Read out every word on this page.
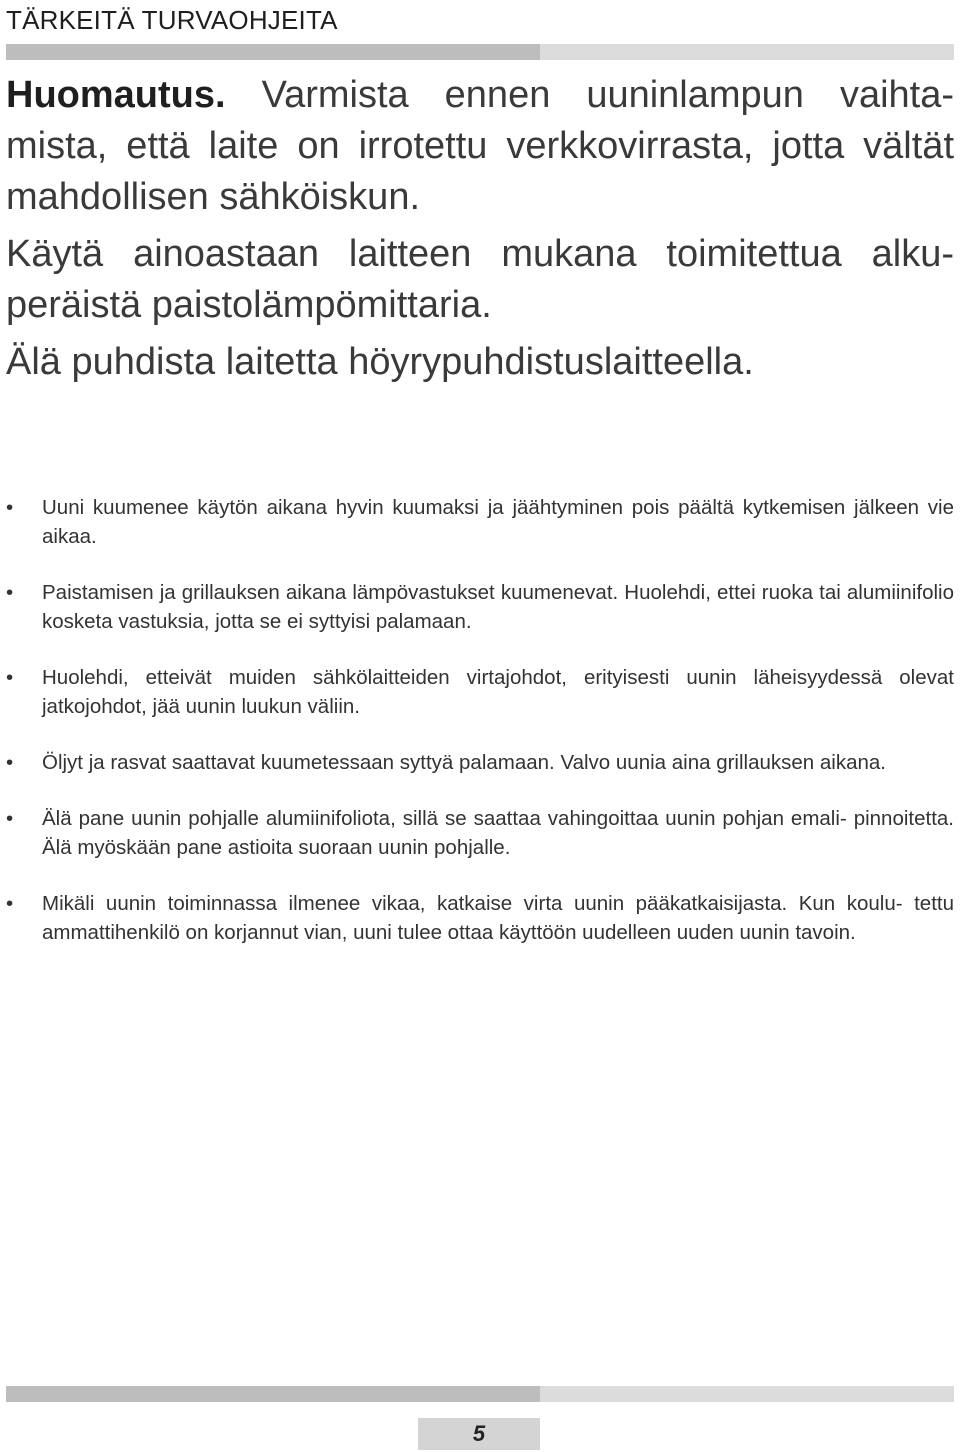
TÄRKEITÄ TURVAOHJEITA

Huomautus. Varmista ennen uuninlampun vaihta- mista, että laite on irrotettu verkkovirrasta, jotta vältät mahdollisen sähköiskun.

Käytä ainoastaan laitteen mukana toimitettua alku- peräistä paistolämpömittaria.

Älä puhdista laitetta höyrypuhdistuslaitteella.

•	Uuni kuumenee käytön aikana hyvin kuumaksi ja jäähtyminen pois päältä kytkemisen jälkeen vie aikaa.
•	Paistamisen ja grillauksen aikana lämpövastukset kuumenevat. Huolehdi, ettei ruoka tai alumiinifolio kosketa vastuksia, jotta se ei syttyisi palamaan.
•	Huolehdi, etteivät muiden sähkölaitteiden virtajohdot, erityisesti uunin läheisyydessä olevat jatkojohdot, jää uunin luukun väliin.
•	Öljyt ja rasvat saattavat kuumetessaan syttyä palamaan. Valvo uunia aina grillauksen aikana.
•	Älä pane uunin pohjalle alumiinifoliota, sillä se saattaa vahingoittaa uunin pohjan emali- pinnoitetta. Älä myöskään pane astioita suoraan uunin pohjalle.
•	Mikäli uunin toiminnassa ilmenee vikaa, katkaise virta uunin pääkatkaisijasta. Kun koulu- tettu ammattihenkilö on korjannut vian, uuni tulee ottaa käyttöön uudelleen uuden uunin tavoin.
5
